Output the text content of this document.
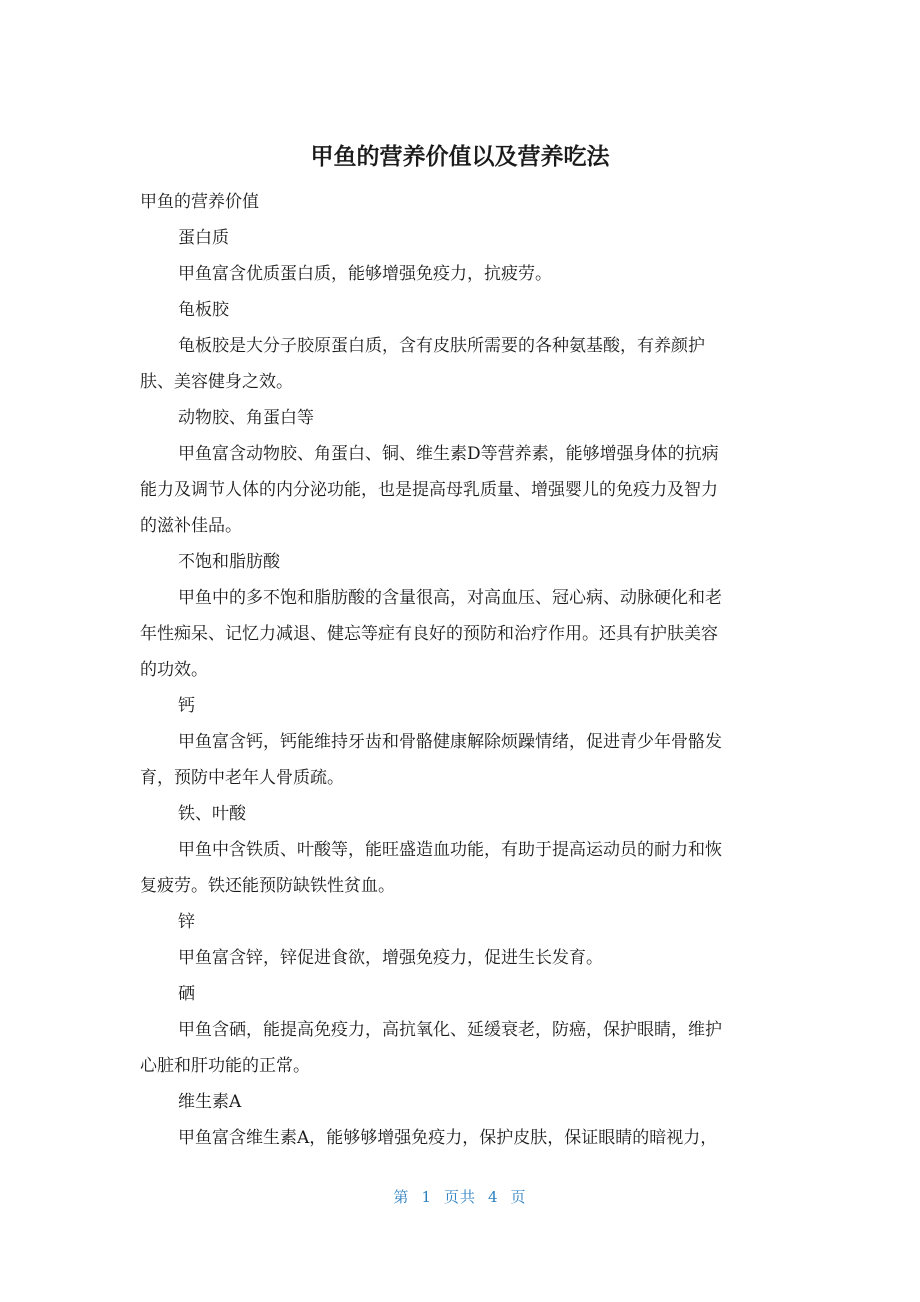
甲鱼的营养价值以及营养吃法

甲鱼的营养价值

蛋白质

甲鱼富含优质蛋白质，能够增强免疫力，抗疲劳。

龟板胶

龟板胶是大分子胶原蛋白质，含有皮肤所需要的各种氨基酸，有养颜护

肤、美容健身之效。

动物胶、角蛋白等

甲鱼富含动物胶、角蛋白、铜、维生素D等营养素，能够增强身体的抗病

能力及调节人体的内分泌功能，也是提高母乳质量、增强婴儿的免疫力及智力

的滋补佳品。

不饱和脂肪酸

甲鱼中的多不饱和脂肪酸的含量很高，对高血压、冠心病、动脉硬化和老

年性痴呆、记忆力减退、健忘等症有良好的预防和治疗作用。还具有护肤美容

的功效。

钙

甲鱼富含钙，钙能维持牙齿和骨骼健康解除烦躁情绪，促进青少年骨骼发

育，预防中老年人骨质疏。

铁、叶酸

甲鱼中含铁质、叶酸等，能旺盛造血功能，有助于提高运动员的耐力和恢

复疲劳。铁还能预防缺铁性贫血。

锌

甲鱼富含锌，锌促进食欲，增强免疫力，促进生长发育。

硒

甲鱼含硒，能提高免疫力，高抗氧化、延缓衰老，防癌，保护眼睛，维护

心脏和肝功能的正常。

维生素A

甲鱼富含维生素A，能够够增强免疫力，保护皮肤，保证眼睛的暗视力，

第 1 页共 4 页
